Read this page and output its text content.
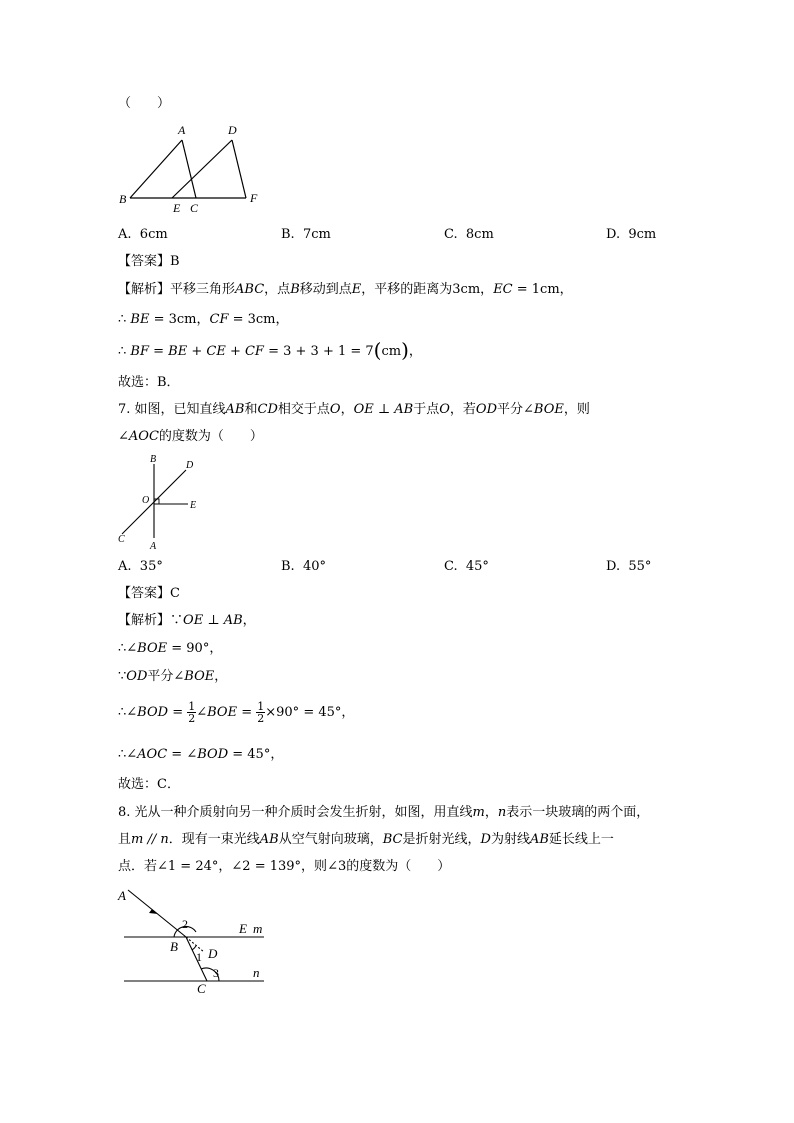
（　　）
A	D
B
E C
F
A. 6cm	B. 7cm	C. 8cm	D. 9cm
【答案】B
【解析】平移三角形ABC，点B移动到点E，平移的距离为3cm，EC = 1cm，
∴ BE = 3cm，CF = 3cm，
∴ BF = BE + CE + CF = 3 + 3 + 1 = 7(cm)，
故选：B．
7. 如图，已知直线AB和CD相交于点O，OE ⊥ AB于点O，若OD平分∠BOE，则
∠AOC的度数为（　　）
B
D
O	E
C
A
A. 35°	B. 40°	C. 45°	D. 55°
【答案】C
【解析】∵OE ⊥ AB，
∴∠BOE = 90°，
∵OD平分∠BOE，
∴∠BOD = $\frac{1}{2}$ ∠BOE = $\frac{1}{2} \times 90^\circ = 45^\circ$，
∴∠AOC = ∠BOD = 45°，
故选：C．
8. 光从一种介质射向另一种介质时会发生折射，如图，用直线m，n表示一块玻璃的两个面，
且m // n．现有一束光线AB从空气射向玻璃，BC是折射光线，D为射线AB延长线上一
点．若∠1 = 24°，∠2 = 139°，则∠3的度数为（　　）
A
B
C
D
E m
n
2
1
3
